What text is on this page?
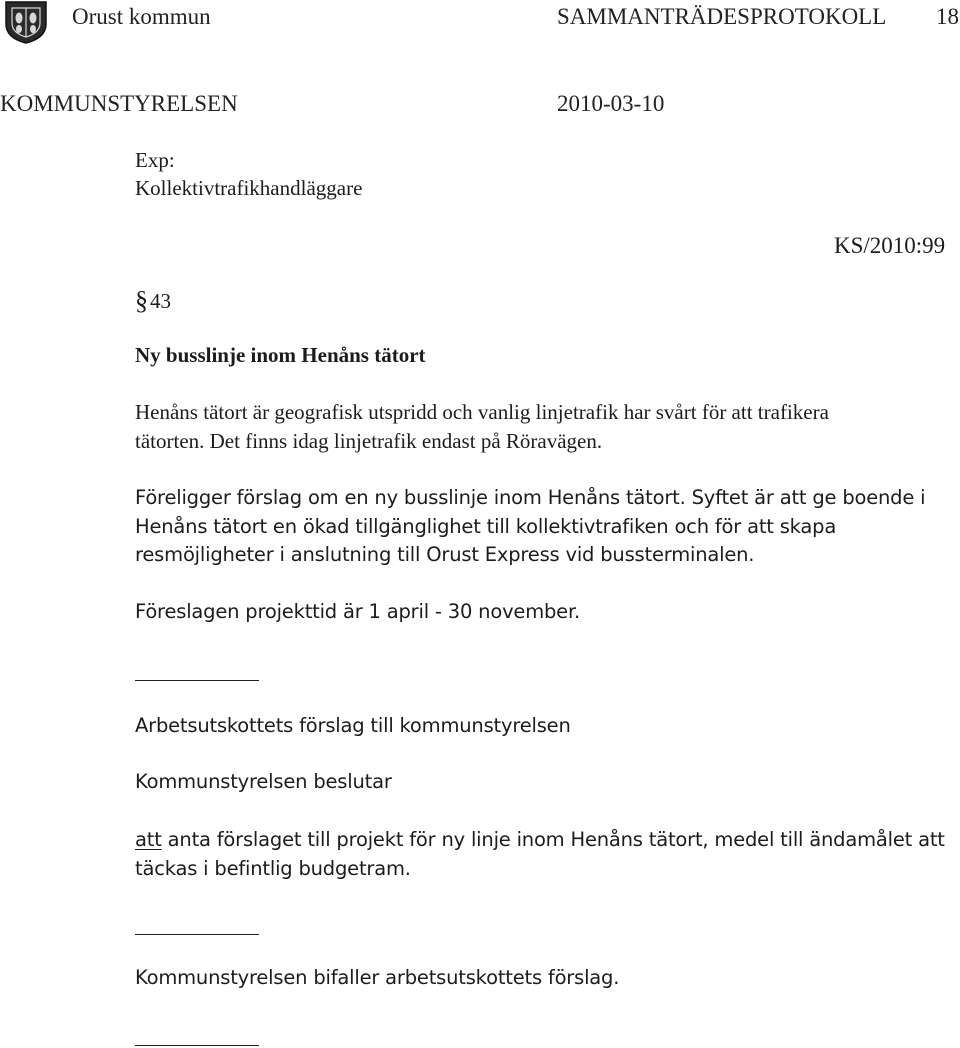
Orust kommun	SAMMANTRÄDESPROTOKOLL 18
KOMMUNSTYRELSEN	2010-03-10
Exp:
Kollektivtrafikhandläggare
KS/2010:99
§ 43
Ny busslinje inom Henåns tätort
Henåns tätort är geografisk utspridd och vanlig linjetrafik har svårt för att trafikera
tätorten. Det finns idag linjetrafik endast på Röravägen.
Föreligger förslag om en ny busslinje inom Henåns tätort. Syftet är att ge boende i
Henåns tätort en ökad tillgänglighet till kollektivtrafiken och för att skapa
resmöjligheter i anslutning till Orust Express vid bussterminalen.
Föreslagen projekttid är 1 april - 30 november.
Arbetsutskottets förslag till kommunstyrelsen
Kommunstyrelsen beslutar
att anta förslaget till projekt för ny linje inom Henåns tätort, medel till ändamålet att
täckas i befintlig budgetram.
Kommunstyrelsen bifaller arbetsutskottets förslag.
